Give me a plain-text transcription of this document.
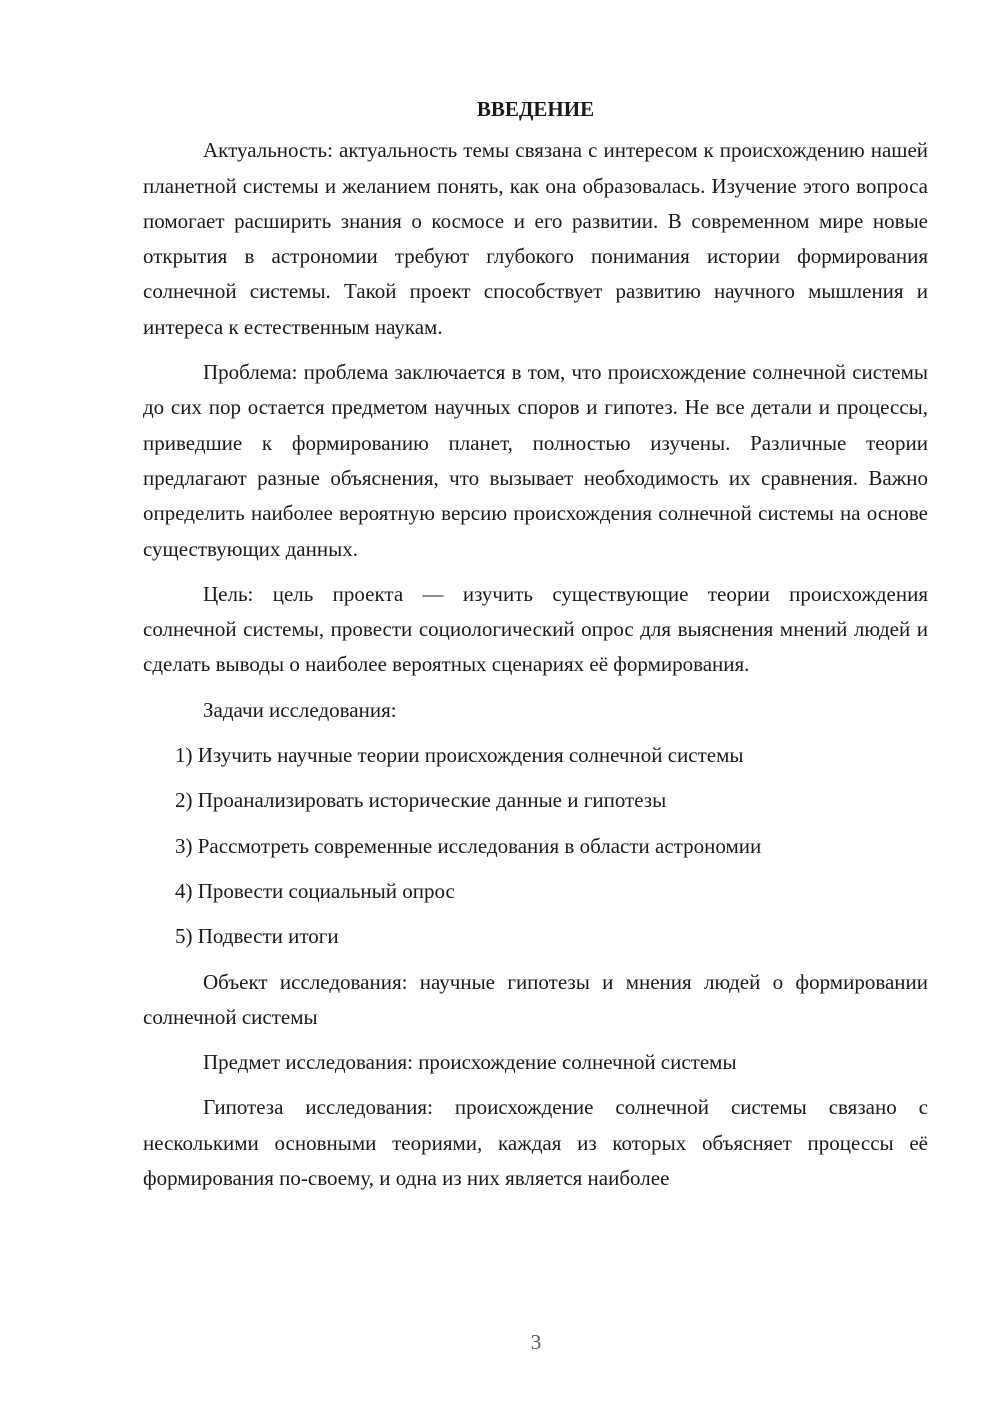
ВВЕДЕНИЕ

Актуальность: актуальность темы связана с интересом к происхождению нашей планетной системы и желанием понять, как она образовалась. Изучение этого вопроса помогает расширить знания о космосе и его развитии. В современном мире новые открытия в астрономии требуют глубокого понимания истории формирования солнечной системы. Такой проект способствует развитию научного мышления и интереса к естественным наукам.

Проблема: проблема заключается в том, что происхождение солнечной системы до сих пор остается предметом научных споров и гипотез. Не все детали и процессы, приведшие к формированию планет, полностью изучены. Различные теории предлагают разные объяснения, что вызывает необходимость их сравнения. Важно определить наиболее вероятную версию происхождения солнечной системы на основе существующих данных.

Цель: цель проекта — изучить существующие теории происхождения солнечной системы, провести социологический опрос для выяснения мнений людей и сделать выводы о наиболее вероятных сценариях её формирования.

Задачи исследования:

1) Изучить научные теории происхождения солнечной системы
2) Проанализировать исторические данные и гипотезы
3) Рассмотреть современные исследования в области астрономии
4) Провести социальный опрос
5) Подвести итоги

Объект исследования: научные гипотезы и мнения людей о формировании солнечной системы

Предмет исследования: происхождение солнечной системы

Гипотеза исследования: происхождение солнечной системы связано с несколькими основными теориями, каждая из которых объясняет процессы её формирования по-своему, и одна из них является наиболее

3
